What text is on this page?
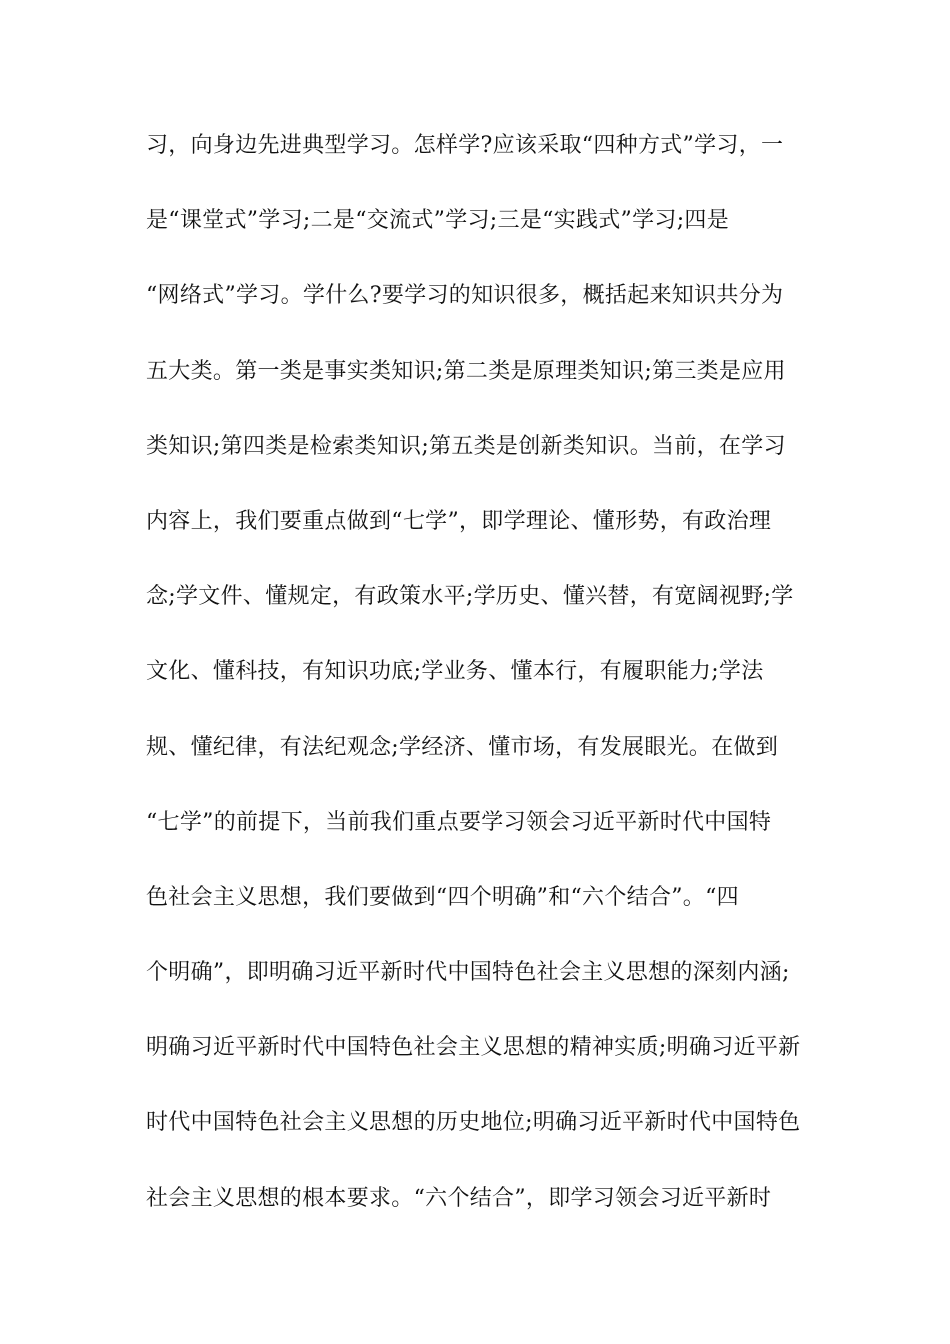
习，向身边先进典型学习。怎样学?应该采取“四种方式”学习，一
是“课堂式”学习;二是“交流式”学习;三是“实践式”学习;四是
“网络式”学习。学什么?要学习的知识很多，概括起来知识共分为
五大类。第一类是事实类知识;第二类是原理类知识;第三类是应用
类知识;第四类是检索类知识;第五类是创新类知识。当前，在学习
内容上，我们要重点做到“七学”，即学理论、懂形势，有政治理
念;学文件、懂规定，有政策水平;学历史、懂兴替，有宽阔视野;学
文化、懂科技，有知识功底;学业务、懂本行，有履职能力;学法
规、懂纪律，有法纪观念;学经济、懂市场，有发展眼光。在做到
“七学”的前提下，当前我们重点要学习领会习近平新时代中国特
色社会主义思想，我们要做到“四个明确”和“六个结合”。“四
个明确”，即明确习近平新时代中国特色社会主义思想的深刻内涵;
明确习近平新时代中国特色社会主义思想的精神实质;明确习近平新
时代中国特色社会主义思想的历史地位;明确习近平新时代中国特色
社会主义思想的根本要求。“六个结合”，即学习领会习近平新时
